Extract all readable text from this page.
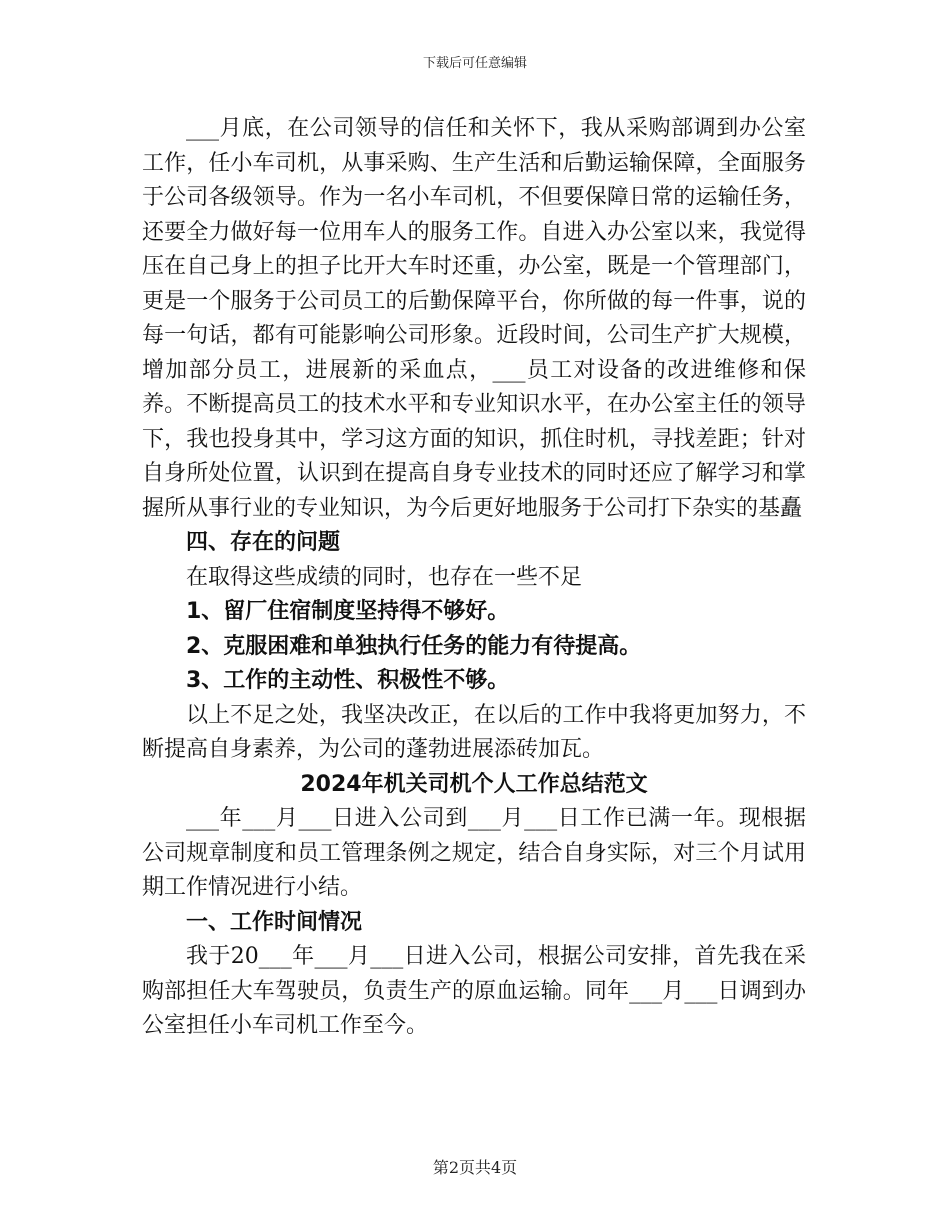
下载后可任意编辑

___月底，在公司领导的信任和关怀下，我从采购部调到办公室工作，任小车司机，从事采购、生产生活和后勤运输保障，全面服务于公司各级领导。作为一名小车司机，不但要保障日常的运输任务，还要全力做好每一位用车人的服务工作。自进入办公室以来，我觉得压在自己身上的担子比开大车时还重，办公室，既是一个管理部门，更是一个服务于公司员工的后勤保障平台，你所做的每一件事，说的每一句话，都有可能影响公司形象。近段时间，公司生产扩大规模，增加部分员工，进展新的采血点，___员工对设备的改进维修和保养。不断提高员工的技术水平和专业知识水平，在办公室主任的领导下，我也投身其中，学习这方面的知识，抓住时机，寻找差距；针对自身所处位置，认识到在提高自身专业技术的同时还应了解学习和掌握所从事行业的专业知识，为今后更好地服务于公司打下杂实的基矗

四、存在的问题

在取得这些成绩的同时，也存在一些不足

1、留厂住宿制度坚持得不够好。

2、克服困难和单独执行任务的能力有待提高。

3、工作的主动性、积极性不够。

以上不足之处，我坚决改正，在以后的工作中我将更加努力，不断提高自身素养，为公司的蓬勃进展添砖加瓦。

2024年机关司机个人工作总结范文

___年___月___日进入公司到___月___日工作已满一年。现根据公司规章制度和员工管理条例之规定，结合自身实际，对三个月试用期工作情况进行小结。

一、工作时间情况

我于20___年___月___日进入公司，根据公司安排，首先我在采购部担任大车驾驶员，负责生产的原血运输。同年___月___日调到办公室担任小车司机工作至今。

第2页共4页
